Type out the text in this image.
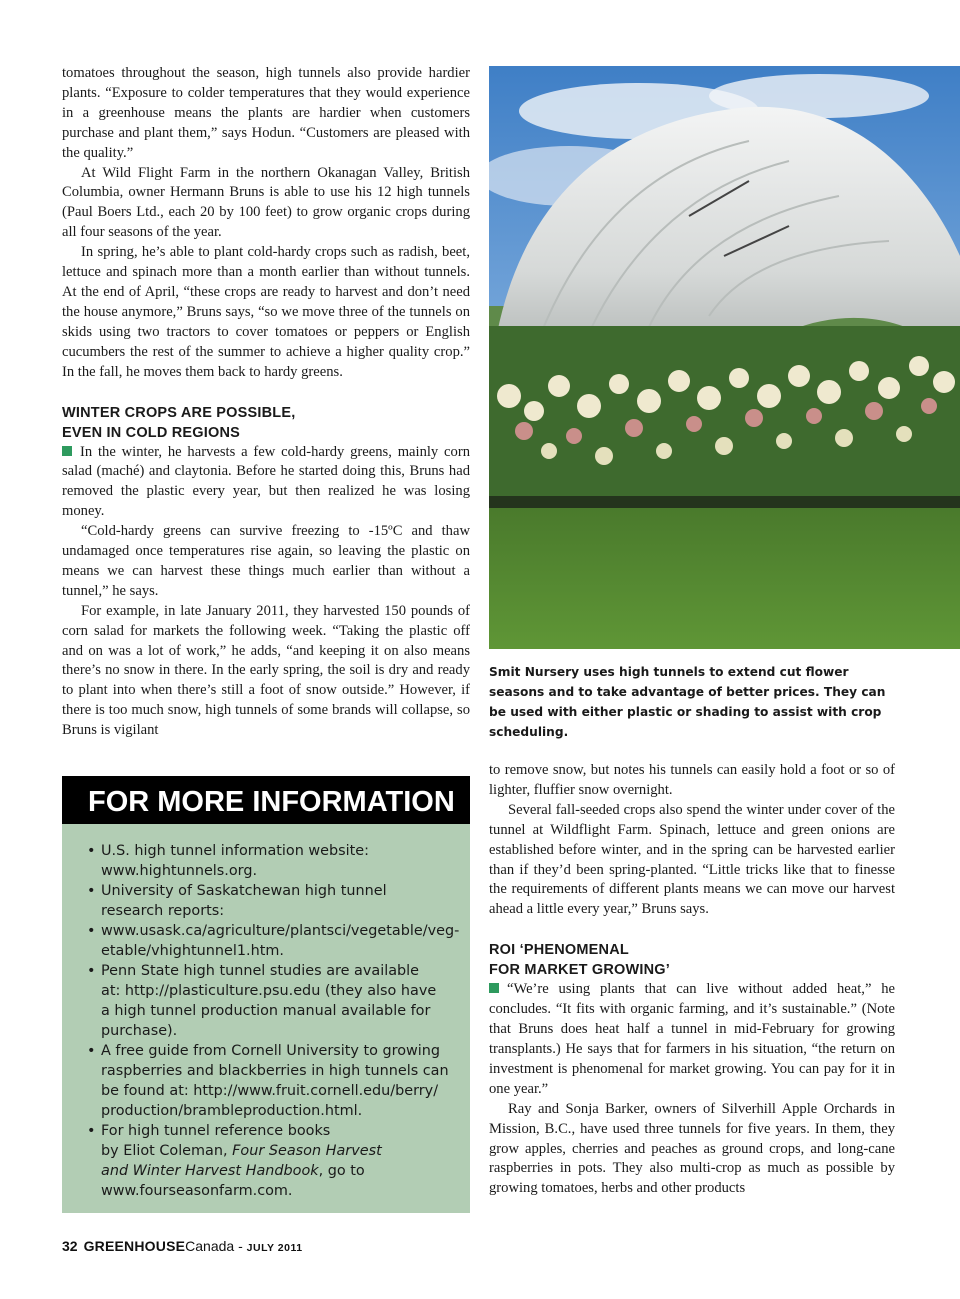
tomatoes throughout the season, high tunnels also provide hardier plants. “Exposure to colder temperatures that they would experience in a greenhouse means the plants are hardier when customers purchase and plant them,” says Hodun. “Customers are pleased with the quality.”

At Wild Flight Farm in the northern Okanagan Valley, British Columbia, owner Hermann Bruns is able to use his 12 high tunnels (Paul Boers Ltd., each 20 by 100 feet) to grow organic crops during all four seasons of the year.

In spring, he’s able to plant cold-hardy crops such as radish, beet, lettuce and spinach more than a month earlier than without tunnels. At the end of April, “these crops are ready to harvest and don’t need the house anymore,” Bruns says, “so we move three of the tunnels on skids using two tractors to cover tomatoes or peppers or English cucumbers the rest of the summer to achieve a higher quality crop.” In the fall, he moves them back to hardy greens.

WINTER CROPS ARE POSSIBLE,
EVEN IN COLD REGIONS

In the winter, he harvests a few cold-hardy greens, mainly corn salad (maché) and claytonia. Before he started doing this, Bruns had removed the plastic every year, but then realized he was losing money.

“Cold-hardy greens can survive freezing to -15ºC and thaw undamaged once temperatures rise again, so leaving the plastic on means we can harvest these things much earlier than without a tunnel,” he says.

For example, in late January 2011, they harvested 150 pounds of corn salad for markets the following week. “Taking the plastic off and on was a lot of work,” he adds, “and keeping it on also means there’s no snow in there. In the early spring, the soil is dry and ready to plant into when there’s still a foot of snow outside.” However, if there is too much snow, high tunnels of some brands will collapse, so Bruns is vigilant

Smit Nursery uses high tunnels to extend cut flower seasons and to take advantage of better prices. They can be used with either plastic or shading to assist with crop scheduling.

FOR MORE INFORMATION

• U.S. high tunnel information website:
www.hightunnels.org.
• University of Saskatchewan high tunnel
research reports:
• www.usask.ca/agriculture/plantsci/vegetable/veg-
etable/vhightunnel1.htm.
• Penn State high tunnel studies are available
at: http://plasticulture.psu.edu (they also have
a high tunnel production manual available for
purchase).
• A free guide from Cornell University to growing
raspberries and blackberries in high tunnels can
be found at: http://www.fruit.cornell.edu/berry/
production/brambleproduction.html.
• For high tunnel reference books
by Eliot Coleman, Four Season Harvest
and Winter Harvest Handbook, go to
www.fourseasonfarm.com.

to remove snow, but notes his tunnels can easily hold a foot or so of lighter, fluffier snow overnight.

Several fall-seeded crops also spend the winter under cover of the tunnel at Wildflight Farm. Spinach, lettuce and green onions are established before winter, and in the spring can be harvested earlier than if they’d been spring-planted. “Little tricks like that to finesse the requirements of different plants means we can move our harvest ahead a little every year,” Bruns says.

ROI ‘PHENOMENAL
FOR MARKET GROWING’

“We’re using plants that can live without added heat,” he concludes. “It fits with organic farming, and it’s sustainable.” (Note that Bruns does heat half a tunnel in mid-February for growing transplants.) He says that for farmers in his situation, “the return on investment is phenomenal for market growing. You can pay for it in one year.”

Ray and Sonja Barker, owners of Silverhill Apple Orchards in Mission, B.C., have used three tunnels for five years. In them, they grow apples, cherries and peaches as ground crops, and long-cane raspberries in pots. They also multi-crop as much as possible by growing tomatoes, herbs and other products

32 GREENHOUSECanada - JULY 2011
